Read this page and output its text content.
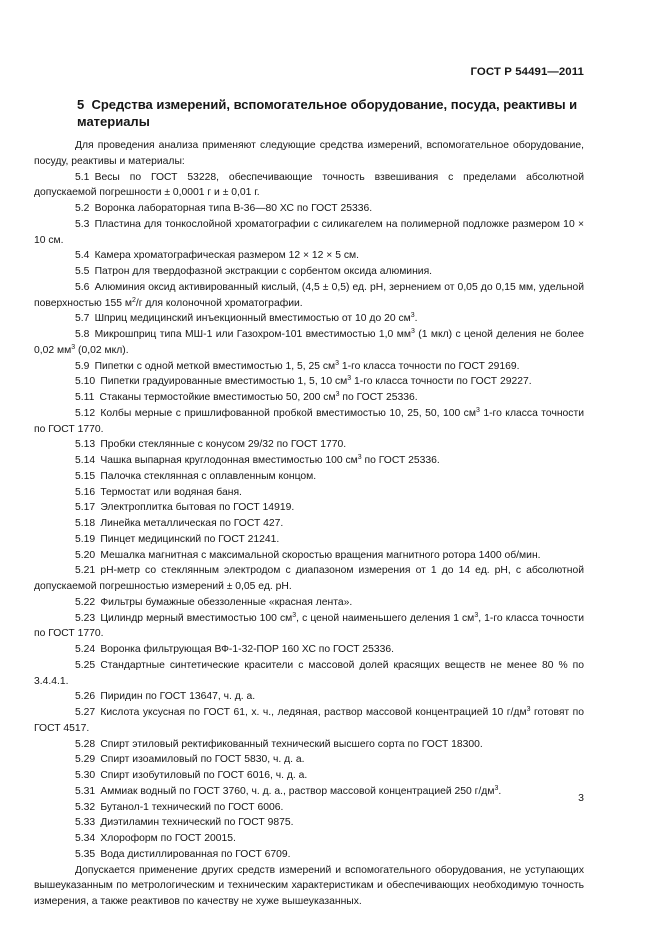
ГОСТ Р 54491—2011
5 Средства измерений, вспомогательное оборудование, посуда, реактивы и материалы

Для проведения анализа применяют следующие средства измерений, вспомогательное оборудование, посуду, реактивы и материалы:

5.1  Весы по ГОСТ 53228, обеспечивающие точность взвешивания с пределами абсолютной допускаемой погрешности ± 0,0001 г и ± 0,01 г.

5.2  Воронка лабораторная типа В-36—80 ХС по ГОСТ 25336.

5.3  Пластина для тонкослойной хроматографии с силикагелем на полимерной подложке размером 10 × 10 см.

5.4  Камера хроматографическая размером 12 × 12 × 5 см.

5.5  Патрон для твердофазной экстракции с сорбентом оксида алюминия.

5.6  Алюминия оксид активированный кислый, (4,5 ± 0,5) ед. pH, зернением от 0,05 до 0,15 мм, удельной поверхностью 155 $м^2/г$ для колоночной хроматографии.

5.7  Шприц медицинский инъекционный вместимостью от 10 до 20 $см^3$.

5.8  Микрошприц типа МШ-1 или Газохром-101 вместимостью 1,0 $мм^3$ (1 мкл) с ценой деления не более 0,02 $мм^3$ (0,02 мкл).

5.9  Пипетки с одной меткой вместимостью 1, 5, 25 $см^3$ 1-го класса точности по ГОСТ 29169.

5.10  Пипетки градуированные вместимостью 1, 5, 10 $см^3$ 1-го класса точности по ГОСТ 29227.

5.11  Стаканы термостойкие вместимостью 50, 200 $см^3$ по ГОСТ 25336.

5.12  Колбы мерные с пришлифованной пробкой вместимостью 10, 25, 50, 100 $см^3$ 1-го класса точности по ГОСТ 1770.

5.13  Пробки стеклянные с конусом 29/32 по ГОСТ 1770.

5.14  Чашка выпарная круглодонная вместимостью 100 $см^3$ по ГОСТ 25336.

5.15  Палочка стеклянная с оплавленным концом.

5.16  Термостат или водяная баня.

5.17  Электроплитка бытовая по ГОСТ 14919.

5.18  Линейка металлическая по ГОСТ 427.

5.19  Пинцет медицинский по ГОСТ 21241.

5.20  Мешалка магнитная с максимальной скоростью вращения магнитного ротора 1400 об/мин.

5.21  рН-метр со стеклянным электродом с диапазоном измерения от 1 до 14 ед. pH, с абсолютной допускаемой погрешностью измерений ± 0,05 ед. pH.

5.22  Фильтры бумажные обеззоленные «красная лента».

5.23  Цилиндр мерный вместимостью 100 $см^3$, с ценой наименьшего деления 1 $см^3$, 1-го класса точности по ГОСТ 1770.

5.24  Воронка фильтрующая ВФ-1-32-ПОР 160 ХС по ГОСТ 25336.

5.25  Стандартные синтетические красители с массовой долей красящих веществ не менее 80 % по 3.4.4.1.

5.26  Пиридин по ГОСТ 13647, ч. д. а.

5.27  Кислота уксусная по ГОСТ 61, х. ч., ледяная, раствор массовой концентрацией 10 $г/дм^3$ готовят по ГОСТ 4517.

5.28  Спирт этиловый ректификованный технический высшего сорта по ГОСТ 18300.

5.29  Спирт изоамиловый по ГОСТ 5830, ч. д. а.

5.30  Спирт изобутиловый по ГОСТ 6016, ч. д. а.

5.31  Аммиак водный по ГОСТ 3760, ч. д. а., раствор массовой концентрацией 250 $г/дм^3$.

5.32  Бутанол-1 технический по ГОСТ 6006.

5.33  Диэтиламин технический по ГОСТ 9875.

5.34  Хлороформ по ГОСТ 20015.

5.35  Вода дистиллированная по ГОСТ 6709.

Допускается применение других средств измерений и вспомогательного оборудования, не уступающих вышеуказанным по метрологическим и техническим характеристикам и обеспечивающих необходимую точность измерения, а также реактивов по качеству не хуже вышеуказанных.

3
